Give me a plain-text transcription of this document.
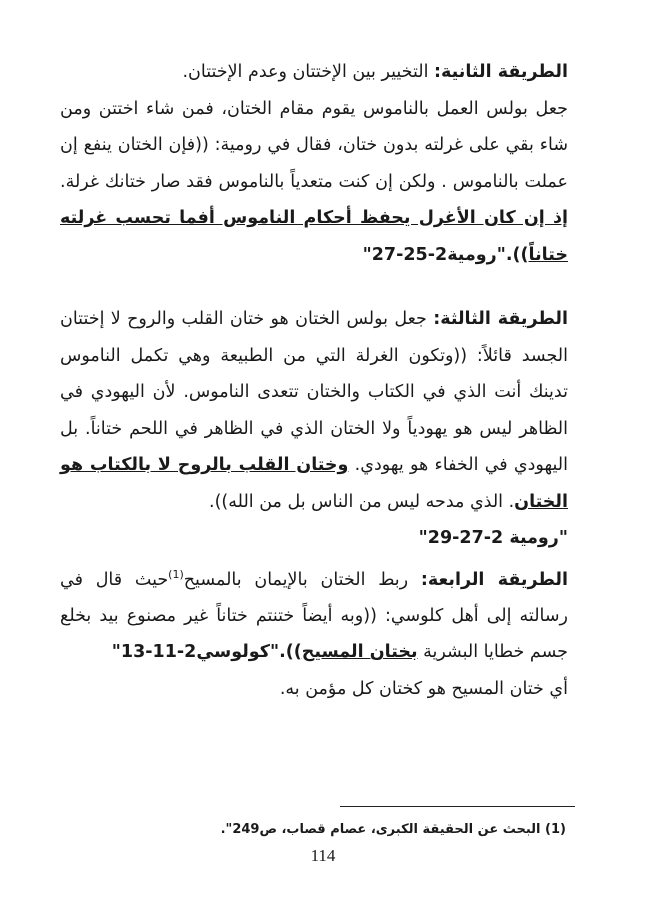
الطريقة الثانية: التخيير بين الإختتان وعدم الإختتان.

جعل بولس العمل بالناموس يقوم مقام الختان، فمن شاء اختتن ومن شاء بقي على غرلته بدون ختان، فقال في رومية: ((فإن الختان ينفع إن عملت بالناموس . ولكن إن كنت متعدياً بالناموس فقد صار ختانك غرلة. إذ إن كان الأغرل يحفظ أحكام الناموس أفما تحسب غرلته ختاناً))."رومية2-25-27"

الطريقة الثالثة: جعل بولس الختان هو ختان القلب والروح لا إختتان الجسد قائلاً: ((وتكون الغرلة التي من الطبيعة وهي تكمل الناموس تدينك أنت الذي في الكتاب والختان تتعدى الناموس. لأن اليهودي في الظاهر ليس هو يهودياً ولا الختان الذي في الظاهر في اللحم ختاناً. بل اليهودي في الخفاء هو يهودي. وختان القلب بالروح لا بالكتاب هو الختان. الذي مدحه ليس من الناس بل من الله)).

"رومية 2-27-29"

الطريقة الرابعة: ربط الختان بالإيمان بالمسيح$^{(1)}$حيث قال في رسالته إلى أهل كلوسي: ((وبه أيضاً ختنتم ختاناً غير مصنوع بيد بخلع جسم خطايا البشرية بختان المسيح))."كولوسي2-11-13"

أي ختان المسيح هو كختان كل مؤمن به.

(1) البحث عن الحقيقة الكبرى، عصام قصاب، ص249".
114
